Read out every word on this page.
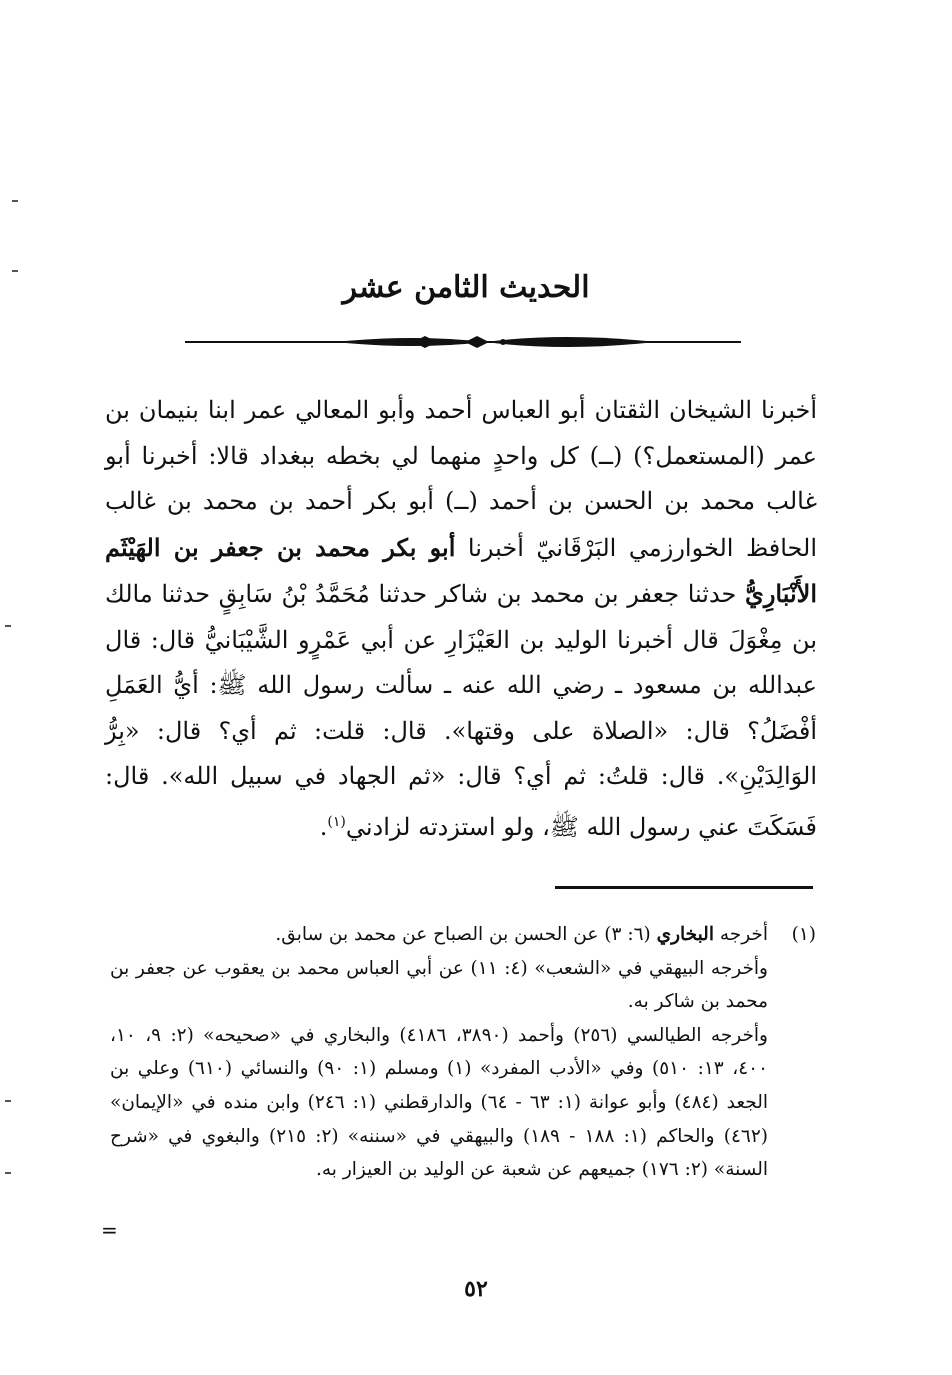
الحديث الثامن عشر

أخبرنا الشيخان الثقتان أبو العباس أحمد وأبو المعالي عمر ابنا بنيمان بن عمر (المستعمل؟) (ــ) كل واحدٍ منهما لي بخطه ببغداد قالا: أخبرنا أبو غالب محمد بن الحسن بن أحمد (ــ) أبو بكر أحمد بن محمد بن غالب الحافظ الخوارزمي البَرْقَانيّ أخبرنا أبو بكر محمد بن جعفر بن الهَيْثَم الأَنْبَارِيُّ حدثنا جعفر بن محمد بن شاكر حدثنا مُحَمَّدُ بْنُ سَابِقٍ حدثنا مالك بن مِغْوَلَ قال أخبرنا الوليد بن العَيْزَارِ عن أبي عَمْرٍو الشَّيْبَانيُّ قال: قال عبدالله بن مسعود ـ رضي الله عنه ـ سألت رسول الله ﷺ: أيُّ العَمَلِ أفْضَلُ؟ قال: «الصلاة على وقتها». قال: قلت: ثم أي؟ قال: «بِرُّ الوَالِدَيْنِ». قال: قلتُ: ثم أي؟ قال: «ثم الجهاد في سبيل الله». قال: فَسَكَتَ عني رسول الله ﷺ، ولو استزدته لزادني$^{(١)}$.

(١)

أخرجه البخاري (٦: ٣) عن الحسن بن الصباح عن محمد بن سابق.

وأخرجه البيهقي في «الشعب» (٤: ١١) عن أبي العباس محمد بن يعقوب عن جعفر بن محمد بن شاكر به.

وأخرجه الطيالسي (٢٥٦) وأحمد (٣٨٩٠، ٤١٨٦) والبخاري في «صحيحه» (٢: ٩، ١٠، ٤٠٠، ١٣: ٥١٠) وفي «الأدب المفرد» (١) ومسلم (١: ٩٠) والنسائي (٦١٠) وعلي بن الجعد (٤٨٤) وأبو عوانة (١: ٦٣ - ٦٤) والدارقطني (١: ٢٤٦) وابن منده في «الإيمان» (٤٦٢) والحاكم (١: ١٨٨ - ١٨٩) والبيهقي في «سننه» (٢: ٢١٥) والبغوي في «شرح السنة» (٢: ١٧٦) جميعهم عن شعبة عن الوليد بن العيزار به.

=
٥٢
